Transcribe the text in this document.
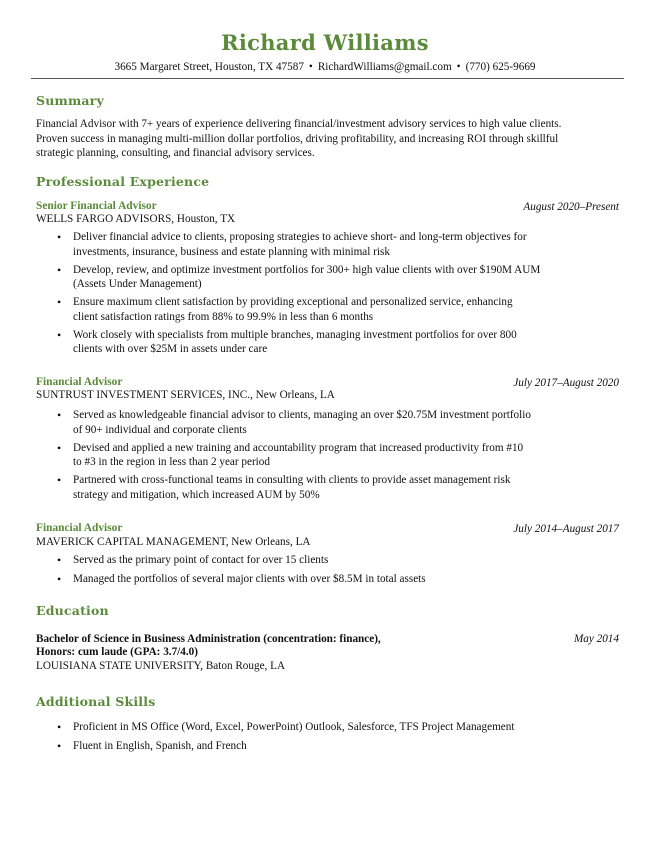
Richard Williams
3665 Margaret Street, Houston, TX 47587 • RichardWilliams@gmail.com • (770) 625-9669
Summary
Financial Advisor with 7+ years of experience delivering financial/investment advisory services to high value clients.
Proven success in managing multi-million dollar portfolios, driving profitability, and increasing ROI through skillful
strategic planning, consulting, and financial advisory services.
Professional Experience
Senior Financial Advisor	August 2020–Present
WELLS FARGO ADVISORS, Houston, TX
• Deliver financial advice to clients, proposing strategies to achieve short- and long-term objectives for
investments, insurance, business and estate planning with minimal risk
• Develop, review, and optimize investment portfolios for 300+ high value clients with over $190M AUM
(Assets Under Management)
• Ensure maximum client satisfaction by providing exceptional and personalized service, enhancing
client satisfaction ratings from 88% to 99.9% in less than 6 months
• Work closely with specialists from multiple branches, managing investment portfolios for over 800
clients with over $25M in assets under care
Financial Advisor	July 2017–August 2020
SUNTRUST INVESTMENT SERVICES, INC., New Orleans, LA
• Served as knowledgeable financial advisor to clients, managing an over $20.75M investment portfolio
of 90+ individual and corporate clients
• Devised and applied a new training and accountability program that increased productivity from #10
to #3 in the region in less than 2 year period
• Partnered with cross-functional teams in consulting with clients to provide asset management risk
strategy and mitigation, which increased AUM by 50%
Financial Advisor	July 2014–August 2017
MAVERICK CAPITAL MANAGEMENT, New Orleans, LA
• Served as the primary point of contact for over 15 clients
• Managed the portfolios of several major clients with over $8.5M in total assets
Education
Bachelor of Science in Business Administration (concentration: finance),	May 2014
Honors: cum laude (GPA: 3.7/4.0)
LOUISIANA STATE UNIVERSITY, Baton Rouge, LA
Additional Skills
• Proficient in MS Office (Word, Excel, PowerPoint) Outlook, Salesforce, TFS Project Management
• Fluent in English, Spanish, and French
